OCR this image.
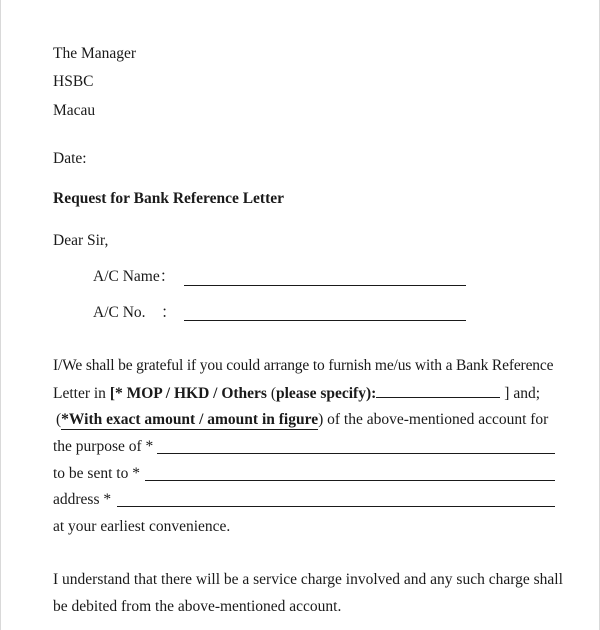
The Manager
HSBC
Macau
Date:
Request for Bank Reference Letter
Dear Sir,
A/C Name：
A/C No.　：
I/We shall be grateful if you could arrange to furnish me/us with a Bank Reference
Letter in [* MOP / HKD / Others (please specify):	] and;
(*With exact amount / amount in figure) of the above-mentioned account for
the purpose of *
to be sent to *
address *
at your earliest convenience.
I understand that there will be a service charge involved and any such charge shall
be debited from the above-mentioned account.
